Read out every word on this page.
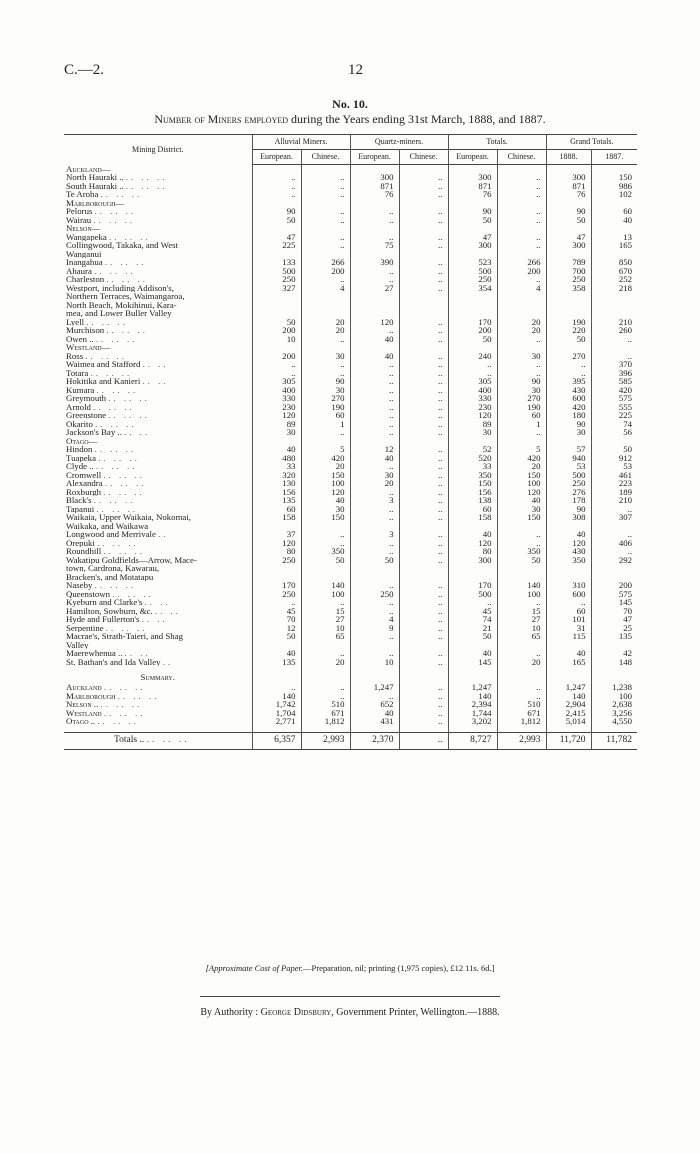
C.—2.	12
No. 10.
Number of Miners employed during the Years ending 31st March, 1888, and 1887.
Mining District.	Alluvial Miners.		Quartz-miners.		Totals.		Grand Totals.	
	European.	Chinese.	European.	Chinese.	European.	Chinese.	1888.	1887.
Auckland—								
North Hauraki .. .. .. ..	..	..	300	..	300	..	300	150
South Hauraki .. .. .. ..	..	..	871	..	871	..	871	986
Te Aroha .. .. ..	..	..	76	..	76	..	76	102
Marlborough—								
Pelorus .. .. ..	90	..	..	..	90	..	90	60
Wairau .. .. ..	50	..	..	..	50	..	50	40
Nelson—								
Wangapeka .. .. ..	47	..	..	..	47	..	47	13
Collingwood, Takaka, and West	225	..	75	..	300	..	300	165
Wanganui								
Inangahua .. .. ..	133	266	390	..	523	266	789	850
Ahaura .. .. ..	500	200	..	..	500	200	700	670
Charleston .. .. ..	250	..	..	..	250	..	250	252
Westport, including Addison's,	327	4	27	..	354	4	358	218
Northern Terraces, Waimangaroa,								
North Beach, Mokihinui, Kara-								
mea, and Lower Buller Valley								
Lyell .. .. ..	50	20	120	..	170	20	190	210
Murchison .. .. ..	200	20	..	..	200	20	220	260
Owen .. .. .. ..	10	..	40	..	50	..	50	..
Westland—								
Ross .. .. ..	200	30	40	..	240	30	270	..
Waimea and Stafford .. ..	..	..	..	..	..	..	..	370
Totara .. .. ..	..	..	..	..	..	..	..	396
Hokitika and Kanieri .. ..	305	90	..	..	305	90	395	585
Kumara .. .. ..	400	30	..	..	400	30	430	420
Greymouth .. .. ..	330	270	..	..	330	270	600	575
Arnold .. .. ..	230	190	..	..	230	190	420	555
Greenstone .. .. ..	120	60	..	..	120	60	180	225
Okarito .. .. ..	89	1	..	..	89	1	90	74
Jackson's Bay .. .. ..	30	..	..	..	30	..	30	56
Otago—								
Hindon .. .. ..	40	5	12	..	52	5	57	50
Tuapeka .. .. ..	480	420	40	..	520	420	940	912
Clyde .. .. .. ..	33	20	..	..	33	20	53	53
Cromwell .. .. ..	320	150	30	..	350	150	500	461
Alexandra .. .. ..	130	100	20	..	150	100	250	223
Roxburgh .. .. ..	156	120	..	..	156	120	276	189
Black's .. .. ..	135	40	3	..	138	40	178	210
Tapanui .. .. ..	60	30	..	..	60	30	90	..
Waikaia, Upper Waikaia, Nokomai,	158	150	..	..	158	150	308	307
Waikaka, and Waikawa								
Longwood and Merrivale ..	37	..	3	..	40	..	40	..
Orepuki .. .. ..	120	..	..	..	120	..	120	406
Roundhill .. .. ..	80	350	..	..	80	350	430	..
Wakatipu Goldfields—Arrow, Mace-	250	50	50	..	300	50	350	292
town, Cardrona, Kawarau,								
Bracken's, and Motatapu								
Naseby .. .. ..	170	140	..	..	170	140	310	200
Queenstown .. .. ..	250	100	250	..	500	100	600	575
Kyeburn and Clarke's .. ..	..	..	..	..	..	..	..	145
Hamilton, Sowburn, &c. .. ..	45	15	..	..	45	15	60	70
Hyde and Fullerton's .. ..	70	27	4	..	74	27	101	47
Serpentine .. .. ..	12	10	9	..	21	10	31	25
Macrae's, Strath-Taieri, and Shag	50	65	..	..	50	65	115	135
Valley								
Maerewhenua .. .. ..	40	..	..	..	40	..	40	42
St. Bathan's and Ida Valley ..	135	20	10	..	145	20	165	148

Summary.								
Auckland .. .. ..	..	..	1,247	..	1,247	..	1,247	1,238
Marlborough .. .. ..	140	..	..	..	140	..	140	100
Nelson .. .. .. ..	1,742	510	652	..	2,394	510	2,904	2,638
Westland .. .. ..	1,704	671	40	..	1,744	671	2,415	3,256
Otago .. .. .. ..	2,771	1,812	431	..	3,202	1,812	5,014	4,550

Totals .. .. .. ..	6,357	2,993	2,370	..	8,727	2,993	11,720	11,782
[Approximate Cost of Paper.—Preparation, nil; printing (1,975 copies), £12 11s. 6d.]
By Authority : George Didsbury, Government Printer, Wellington.—1888.
